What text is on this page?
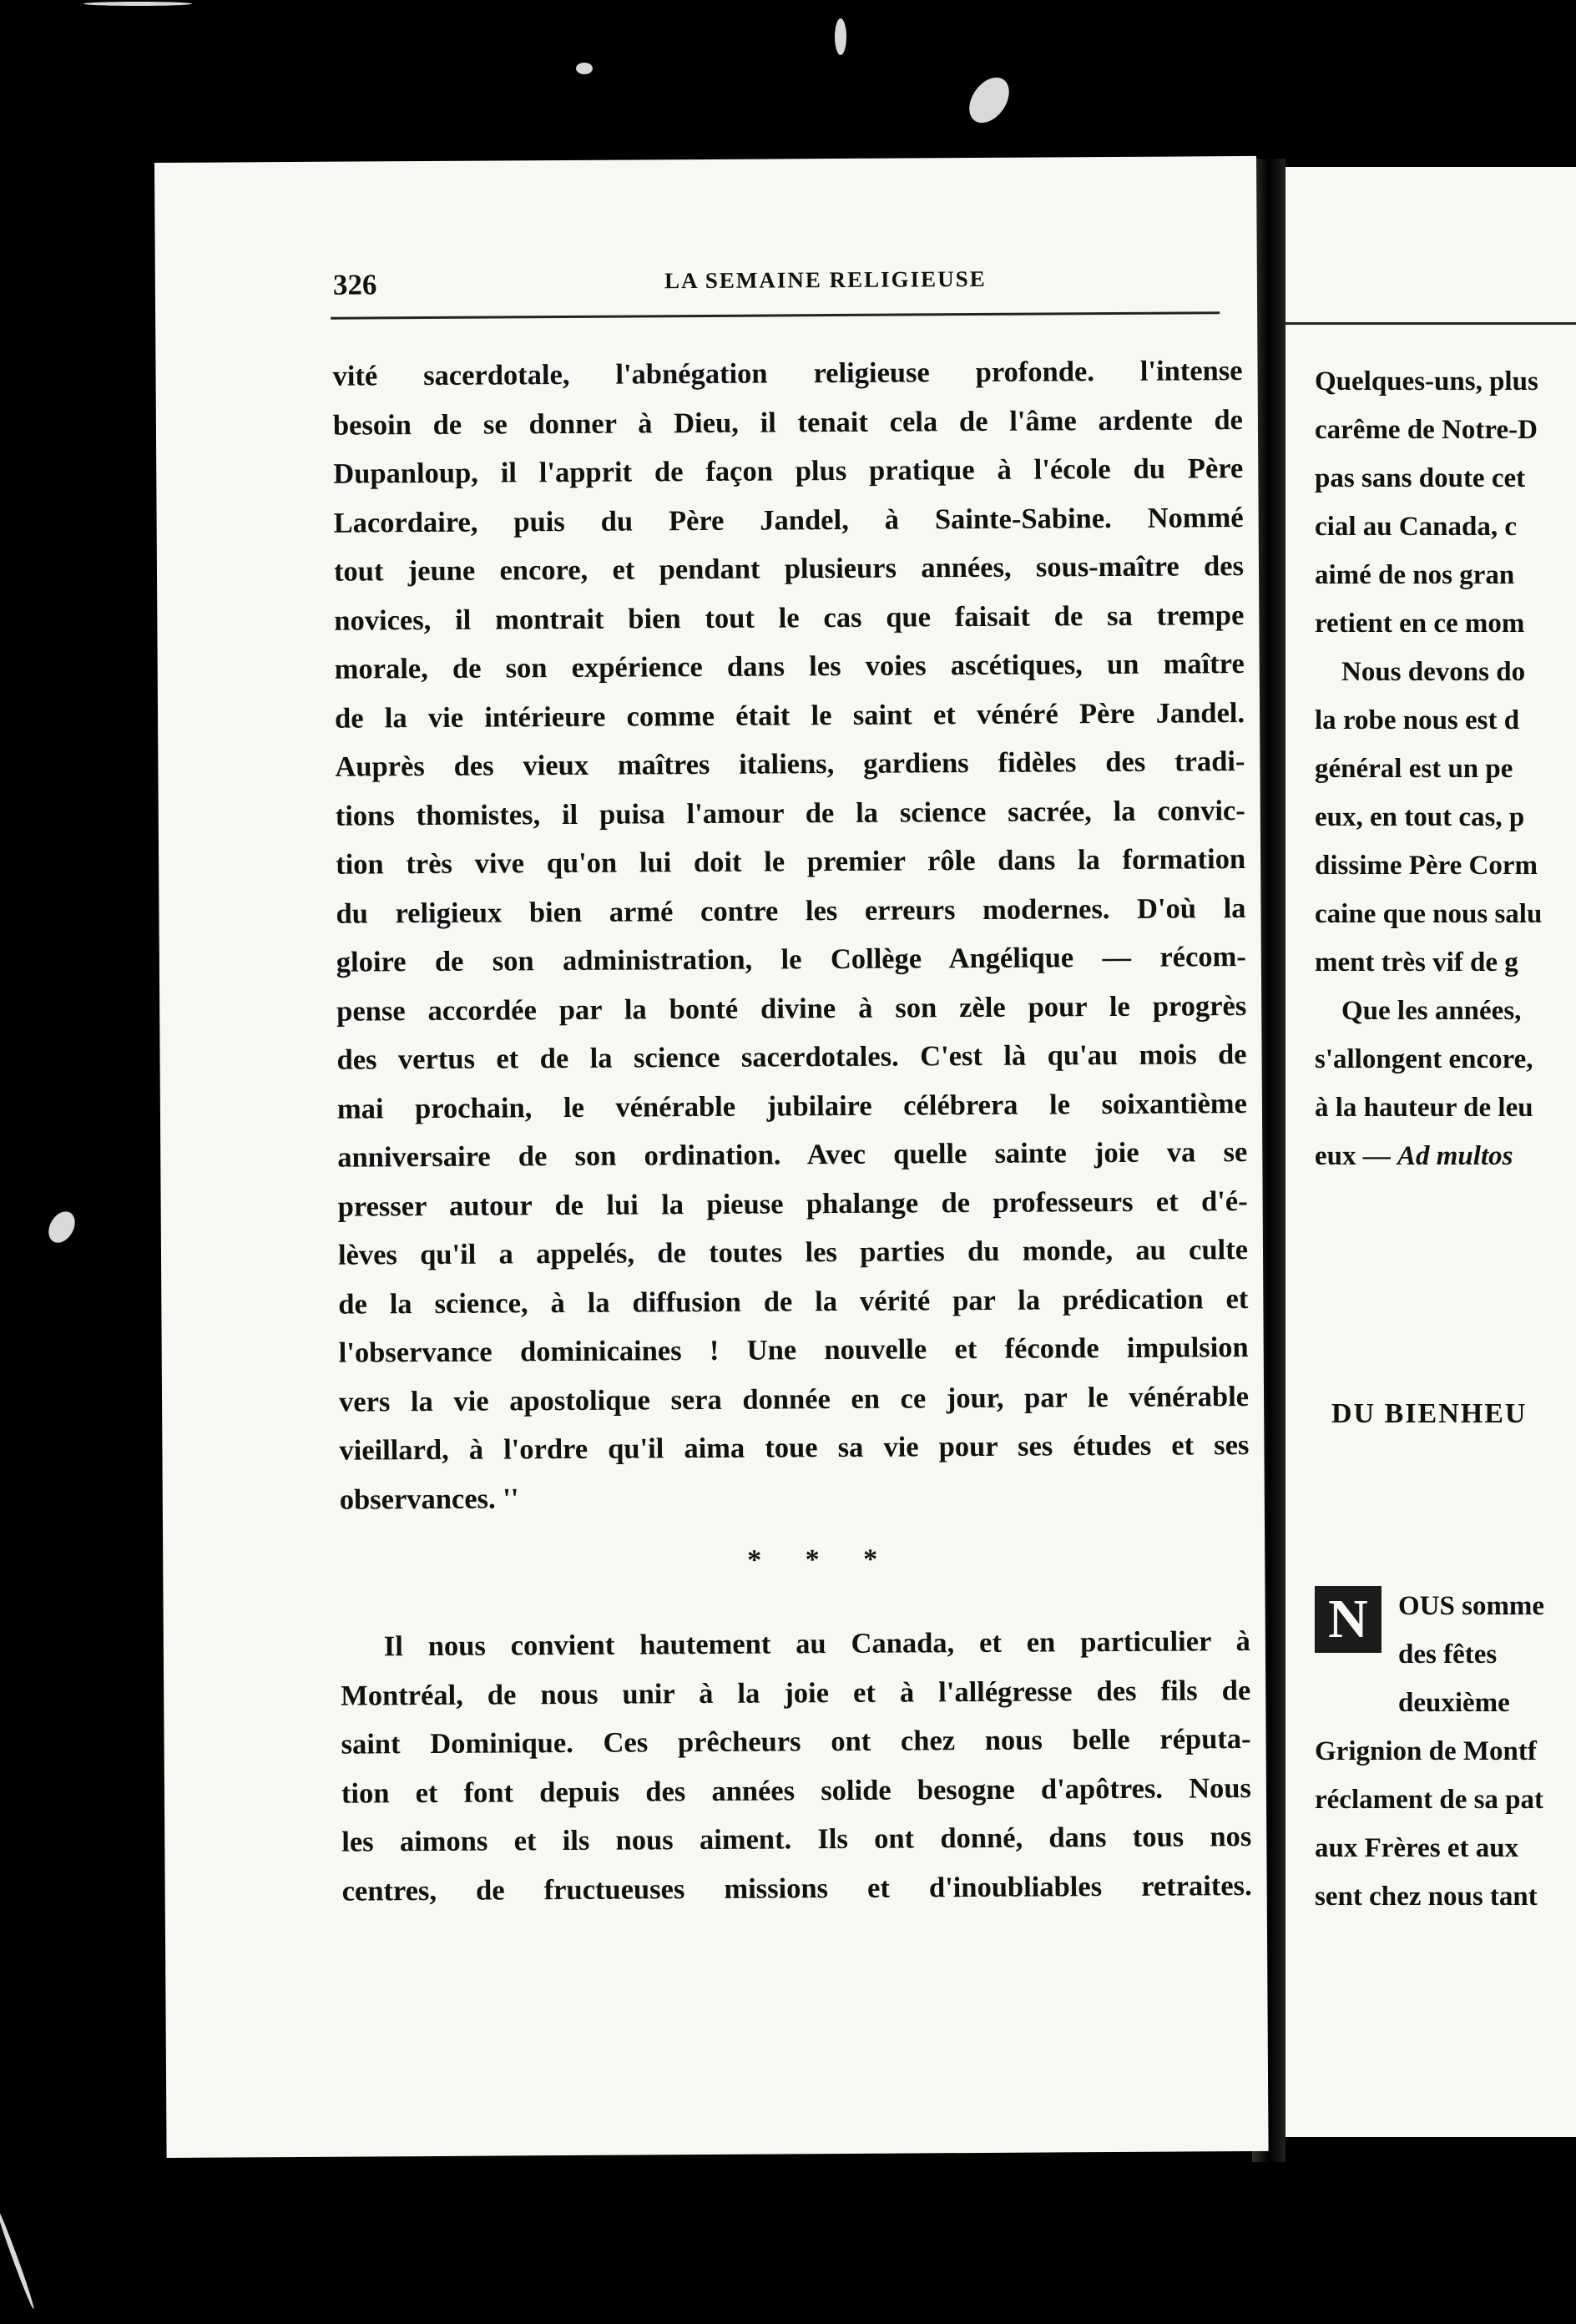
326	LA SEMAINE RELIGIEUSE
vité sacerdotale, l'abnégation religieuse profonde. l'intense
besoin de se donner à Dieu, il tenait cela de l'âme ardente de
Dupanloup, il l'apprit de façon plus pratique à l'école du Père
Lacordaire, puis du Père Jandel, à Sainte-Sabine. Nommé
tout jeune encore, et pendant plusieurs années, sous-maître des
novices, il montrait bien tout le cas que faisait de sa trempe
morale, de son expérience dans les voies ascétiques, un maître
de la vie intérieure comme était le saint et vénéré Père Jandel.
Auprès des vieux maîtres italiens, gardiens fidèles des tradi-
tions thomistes, il puisa l'amour de la science sacrée, la convic-
tion très vive qu'on lui doit le premier rôle dans la formation
du religieux bien armé contre les erreurs modernes. D'où la
gloire de son administration, le Collège Angélique — récom-
pense accordée par la bonté divine à son zèle pour le progrès
des vertus et de la science sacerdotales. C'est là qu'au mois de
mai prochain, le vénérable jubilaire célébrera le soixantième
anniversaire de son ordination. Avec quelle sainte joie va se
presser autour de lui la pieuse phalange de professeurs et d'é-
lèves qu'il a appelés, de toutes les parties du monde, au culte
de la science, à la diffusion de la vérité par la prédication et
l'observance dominicaines ! Une nouvelle et féconde impulsion
vers la vie apostolique sera donnée en ce jour, par le vénérable
vieillard, à l'ordre qu'il aima toue sa vie pour ses études et ses
observances. ''
* * *
Il nous convient hautement au Canada, et en particulier à
Montréal, de nous unir à la joie et à l'allégresse des fils de
saint Dominique. Ces prêcheurs ont chez nous belle réputa-
tion et font depuis des années solide besogne d'apôtres. Nous
les aimons et ils nous aiment. Ils ont donné, dans tous nos
centres, de fructueuses missions et d'inoubliables retraites.
Quelques-uns, plus
carême de Notre-D
pas sans doute cet
cial au Canada, c
aimé de nos gran
retient en ce mom
Nous devons do
la robe nous est d
général est un pe
eux, en tout cas, p
dissime Père Corm
caine que nous salu
ment très vif de g
Que les années,
s'allongent encore,
à la hauteur de leu
eux — Ad multos
DU BIENHEU
N	OUS somme
des fêtes
deuxième
Grignion de Montf
réclament de sa pat
aux Frères et aux
sent chez nous tant
